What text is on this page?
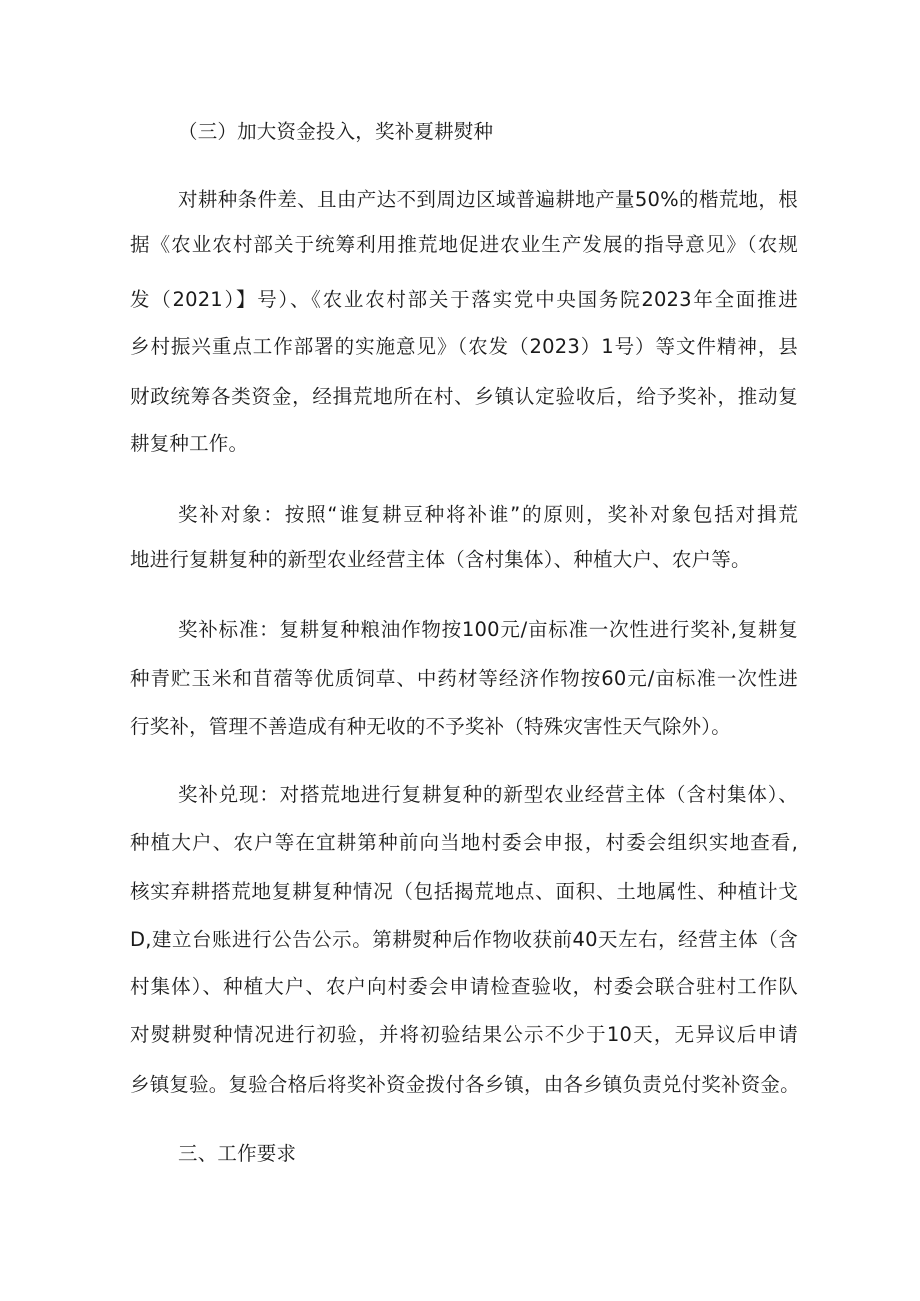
（三）加大资金投入，奖补夏耕熨种
对耕种条件差、且由产达不到周边区域普遍耕地产量50%的楷荒地，根
据《农业农村部关于统筹利用推荒地促进农业生产发展的指导意见》（农规
发（2021）】号）、《农业农村部关于落实党中央国务院2023年全面推进
乡村振兴重点工作部署的实施意见》（农发（2023）1号）等文件精神，县
财政统筹各类资金，经揖荒地所在村、乡镇认定验收后，给予奖补，推动复
耕复种工作。
奖补对象：按照“谁复耕豆种将补谁”的原则，奖补对象包括对揖荒
地进行复耕复种的新型农业经营主体（含村集体）、种植大户、农户等。
奖补标准：复耕复种粮油作物按100元/亩标准一次性进行奖补,复耕复
种青贮玉米和苜蓿等优质饲草、中药材等经济作物按60元/亩标准一次性进
行奖补，管理不善造成有种无收的不予奖补（特殊灾害性天气除外）。
奖补兑现：对搭荒地进行复耕复种的新型农业经营主体（含村集体）、
种植大户、农户等在宜耕第种前向当地村委会申报，村委会组织实地查看,
核实弃耕搭荒地复耕复种情况（包括揭荒地点、面积、土地属性、种植计戈
D,建立台账进行公告公示。第耕熨种后作物收获前40天左右，经营主体（含
村集体）、种植大户、农户向村委会申请检查验收，村委会联合驻村工作队
对熨耕熨种情况进行初验，并将初验结果公示不少于10天，无异议后申请
乡镇复验。复验合格后将奖补资金拨付各乡镇，由各乡镇负责兑付奖补资金。
三、工作要求
